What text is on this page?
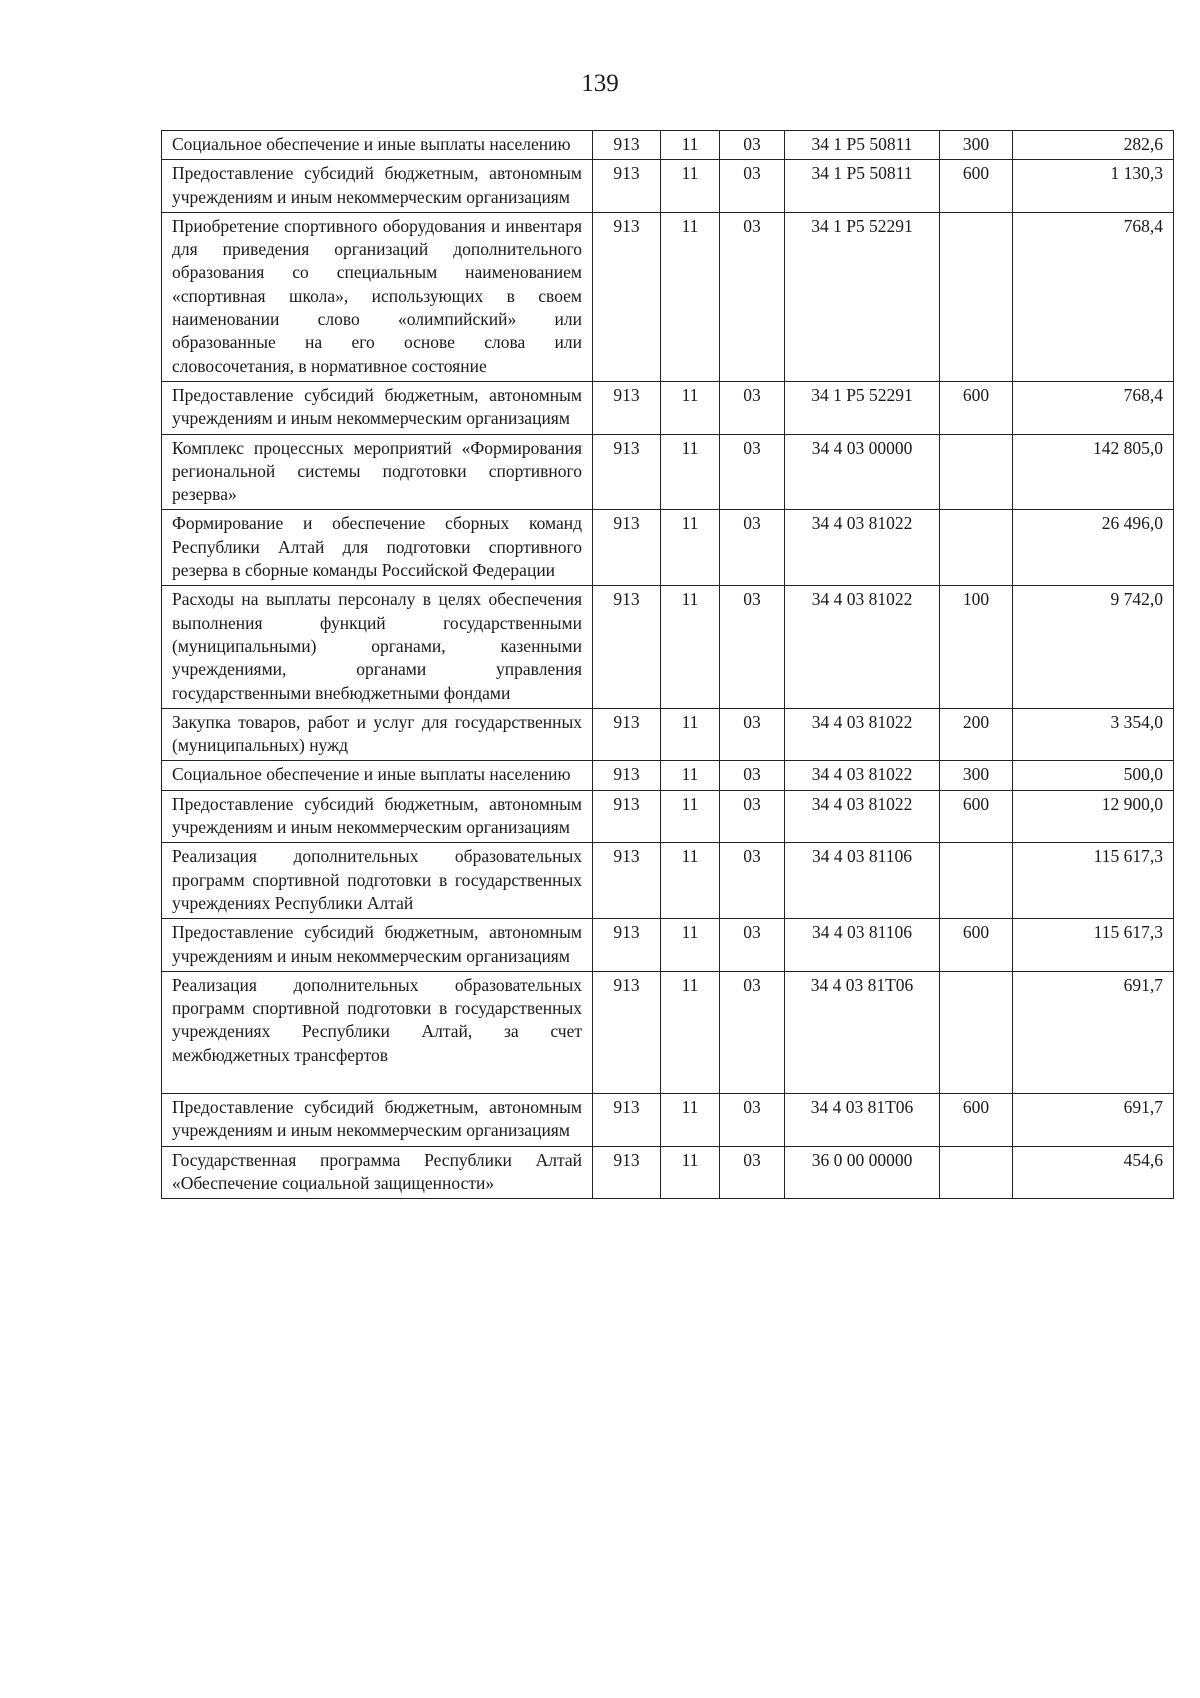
139
Социальное обеспечение и иные выплаты населению	913	11	03	34 1 Р5 50811	300	282,6
Предоставление субсидий бюджетным, автономным учреждениям и иным некоммерческим организациям	913	11	03	34 1 Р5 50811	600	1 130,3
Приобретение спортивного оборудования и инвентаря для приведения организаций дополнительного образования со специальным наименованием «спортивная школа», использующих в своем наименовании слово «олимпийский» или образованные на его основе слова или словосочетания, в нормативное состояние	913	11	03	34 1 Р5 52291		768,4
Предоставление субсидий бюджетным, автономным учреждениям и иным некоммерческим организациям	913	11	03	34 1 Р5 52291	600	768,4
Комплекс процессных мероприятий «Формирования региональной системы подготовки спортивного резерва»	913	11	03	34 4 03 00000		142 805,0
Формирование и обеспечение сборных команд Республики Алтай для подготовки спортивного резерва в сборные команды Российской Федерации	913	11	03	34 4 03 81022		26 496,0
Расходы на выплаты персоналу в целях обеспечения выполнения функций государственными (муниципальными) органами, казенными учреждениями, органами управления государственными внебюджетными фондами	913	11	03	34 4 03 81022	100	9 742,0
Закупка товаров, работ и услуг для государственных (муниципальных) нужд	913	11	03	34 4 03 81022	200	3 354,0
Социальное обеспечение и иные выплаты населению	913	11	03	34 4 03 81022	300	500,0
Предоставление субсидий бюджетным, автономным учреждениям и иным некоммерческим организациям	913	11	03	34 4 03 81022	600	12 900,0
Реализация дополнительных образовательных программ спортивной подготовки в государственных учреждениях Республики Алтай	913	11	03	34 4 03 81106		115 617,3
Предоставление субсидий бюджетным, автономным учреждениям и иным некоммерческим организациям	913	11	03	34 4 03 81106	600	115 617,3
Реализация дополнительных образовательных программ спортивной подготовки в государственных учреждениях Республики Алтай, за счет межбюджетных трансфертов	913	11	03	34 4 03 81Т06		691,7
Предоставление субсидий бюджетным, автономным учреждениям и иным некоммерческим организациям	913	11	03	34 4 03 81Т06	600	691,7
Государственная программа Республики Алтай «Обеспечение социальной защищенности»	913	11	03	36 0 00 00000		454,6
